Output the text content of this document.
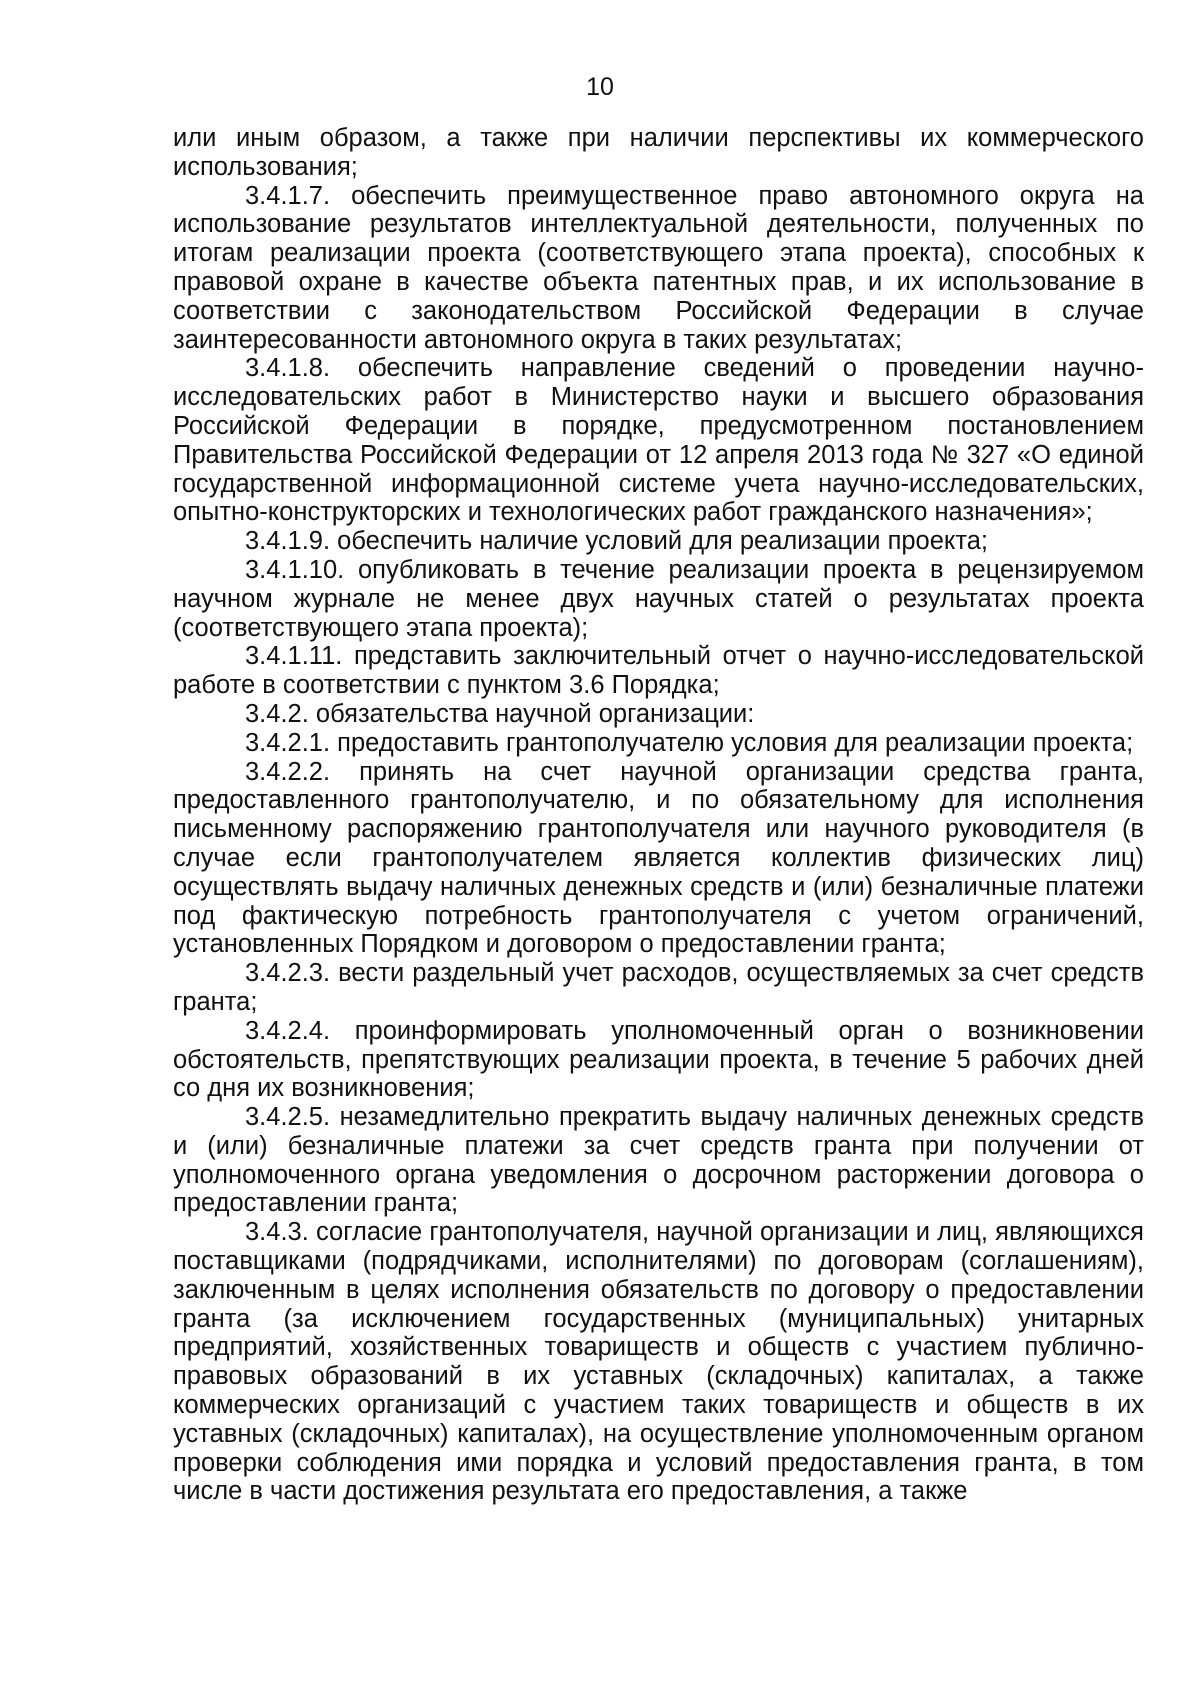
10

или иным образом, а также при наличии перспективы их коммерческого использования;

3.4.1.7. обеспечить преимущественное право автономного округа на использование результатов интеллектуальной деятельности, полученных по итогам реализации проекта (соответствующего этапа проекта), способных к правовой охране в качестве объекта патентных прав, и их использование в соответствии с законодательством Российской Федерации в случае заинтересованности автономного округа в таких результатах;

3.4.1.8. обеспечить направление сведений о проведении научно-исследовательских работ в Министерство науки и высшего образования Российской Федерации в порядке, предусмотренном постановлением Правительства Российской Федерации от 12 апреля 2013 года № 327 «О единой государственной информационной системе учета научно-исследовательских, опытно-конструкторских и технологических работ гражданского назначения»;

3.4.1.9. обеспечить наличие условий для реализации проекта;

3.4.1.10. опубликовать в течение реализации проекта в рецензируемом научном журнале не менее двух научных статей о результатах проекта (соответствующего этапа проекта);

3.4.1.11. представить заключительный отчет о научно-исследовательской работе в соответствии с пунктом 3.6 Порядка;

3.4.2. обязательства научной организации:

3.4.2.1. предоставить грантополучателю условия для реализации проекта;

3.4.2.2. принять на счет научной организации средства гранта, предоставленного грантополучателю, и по обязательному для исполнения письменному распоряжению грантополучателя или научного руководителя (в случае если грантополучателем является коллектив физических лиц) осуществлять выдачу наличных денежных средств и (или) безналичные платежи под фактическую потребность грантополучателя с учетом ограничений, установленных Порядком и договором о предоставлении гранта;

3.4.2.3. вести раздельный учет расходов, осуществляемых за счет средств гранта;

3.4.2.4. проинформировать уполномоченный орган о возникновении обстоятельств, препятствующих реализации проекта, в течение 5 рабочих дней со дня их возникновения;

3.4.2.5. незамедлительно прекратить выдачу наличных денежных средств и (или) безналичные платежи за счет средств гранта при получении от уполномоченного органа уведомления о досрочном расторжении договора о предоставлении гранта;

3.4.3. согласие грантополучателя, научной организации и лиц, являющихся поставщиками (подрядчиками, исполнителями) по договорам (соглашениям), заключенным в целях исполнения обязательств по договору о предоставлении гранта (за исключением государственных (муниципальных) унитарных предприятий, хозяйственных товариществ и обществ с участием публично-правовых образований в их уставных (складочных) капиталах, а также коммерческих организаций с участием таких товариществ и обществ в их уставных (складочных) капиталах), на осуществление уполномоченным органом проверки соблюдения ими порядка и условий предоставления гранта, в том числе в части достижения результата его предоставления, а также
